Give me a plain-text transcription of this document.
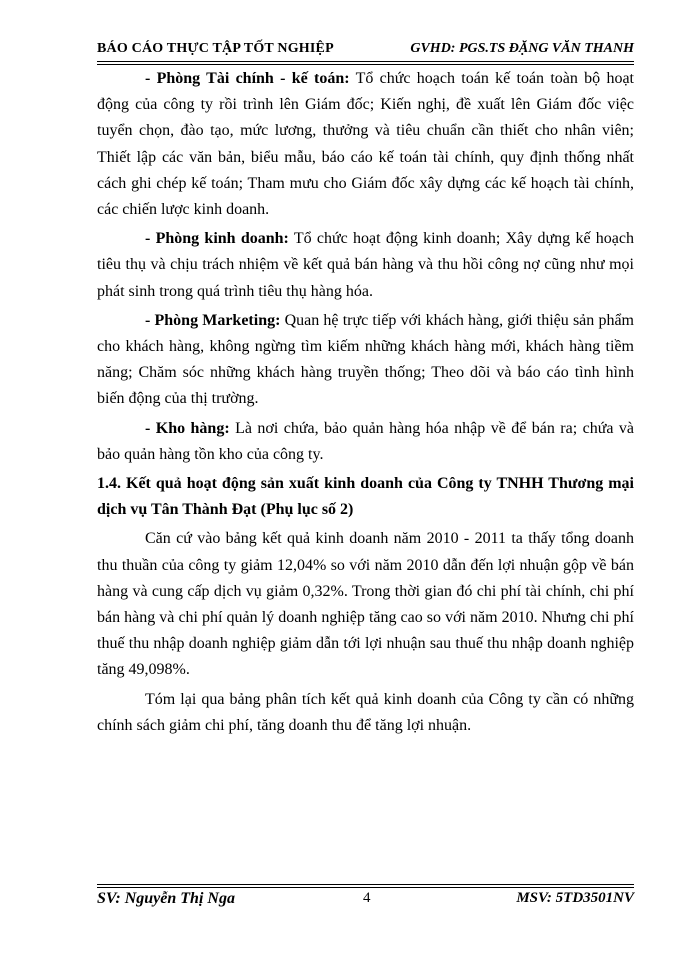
BÁO CÁO THỰC TẬP TỐT NGHIỆP	GVHD: PGS.TS ĐẶNG VĂN THANH

- Phòng Tài chính - kế toán: Tổ chức hoạch toán kế toán toàn bộ hoạt động của công ty rồi trình lên Giám đốc; Kiến nghị, đề xuất lên Giám đốc việc tuyển chọn, đào tạo, mức lương, thưởng và tiêu chuẩn cần thiết cho nhân viên; Thiết lập các văn bản, biểu mẫu, báo cáo kế toán tài chính, quy định thống nhất cách ghi chép kế toán; Tham mưu cho Giám đốc xây dựng các kế hoạch tài chính, các chiến lược kinh doanh.

- Phòng kinh doanh: Tổ chức hoạt động kinh doanh; Xây dựng kế hoạch tiêu thụ và chịu trách nhiệm về kết quả bán hàng và thu hồi công nợ cũng như mọi phát sinh trong quá trình tiêu thụ hàng hóa.

- Phòng Marketing: Quan hệ trực tiếp với khách hàng, giới thiệu sản phẩm cho khách hàng, không ngừng tìm kiếm những khách hàng mới, khách hàng tiềm năng; Chăm sóc những khách hàng truyền thống; Theo dõi và báo cáo tình hình biến động của thị trường.

- Kho hàng: Là nơi chứa, bảo quản hàng hóa nhập về để bán ra; chứa và bảo quản hàng tồn kho của công ty.

1.4. Kết quả hoạt động sản xuất kinh doanh của Công ty TNHH Thương mại dịch vụ Tân Thành Đạt (Phụ lục số 2)

Căn cứ vào bảng kết quả kinh doanh năm 2010 - 2011 ta thấy tổng doanh thu thuần của công ty giảm 12,04% so với năm 2010 dẫn đến lợi nhuận gộp về bán hàng và cung cấp dịch vụ giảm 0,32%. Trong thời gian đó chi phí tài chính, chi phí bán hàng và chi phí quản lý doanh nghiệp tăng cao so với năm 2010. Nhưng chi phí thuế thu nhập doanh nghiệp giảm dẫn tới lợi nhuận sau thuế thu nhập doanh nghiệp tăng 49,098%.

Tóm lại qua bảng phân tích kết quả kinh doanh của Công ty cần có những chính sách giảm chi phí, tăng doanh thu để tăng lợi nhuận.

SV: Nguyễn Thị Nga	4	MSV: 5TD3501NV
